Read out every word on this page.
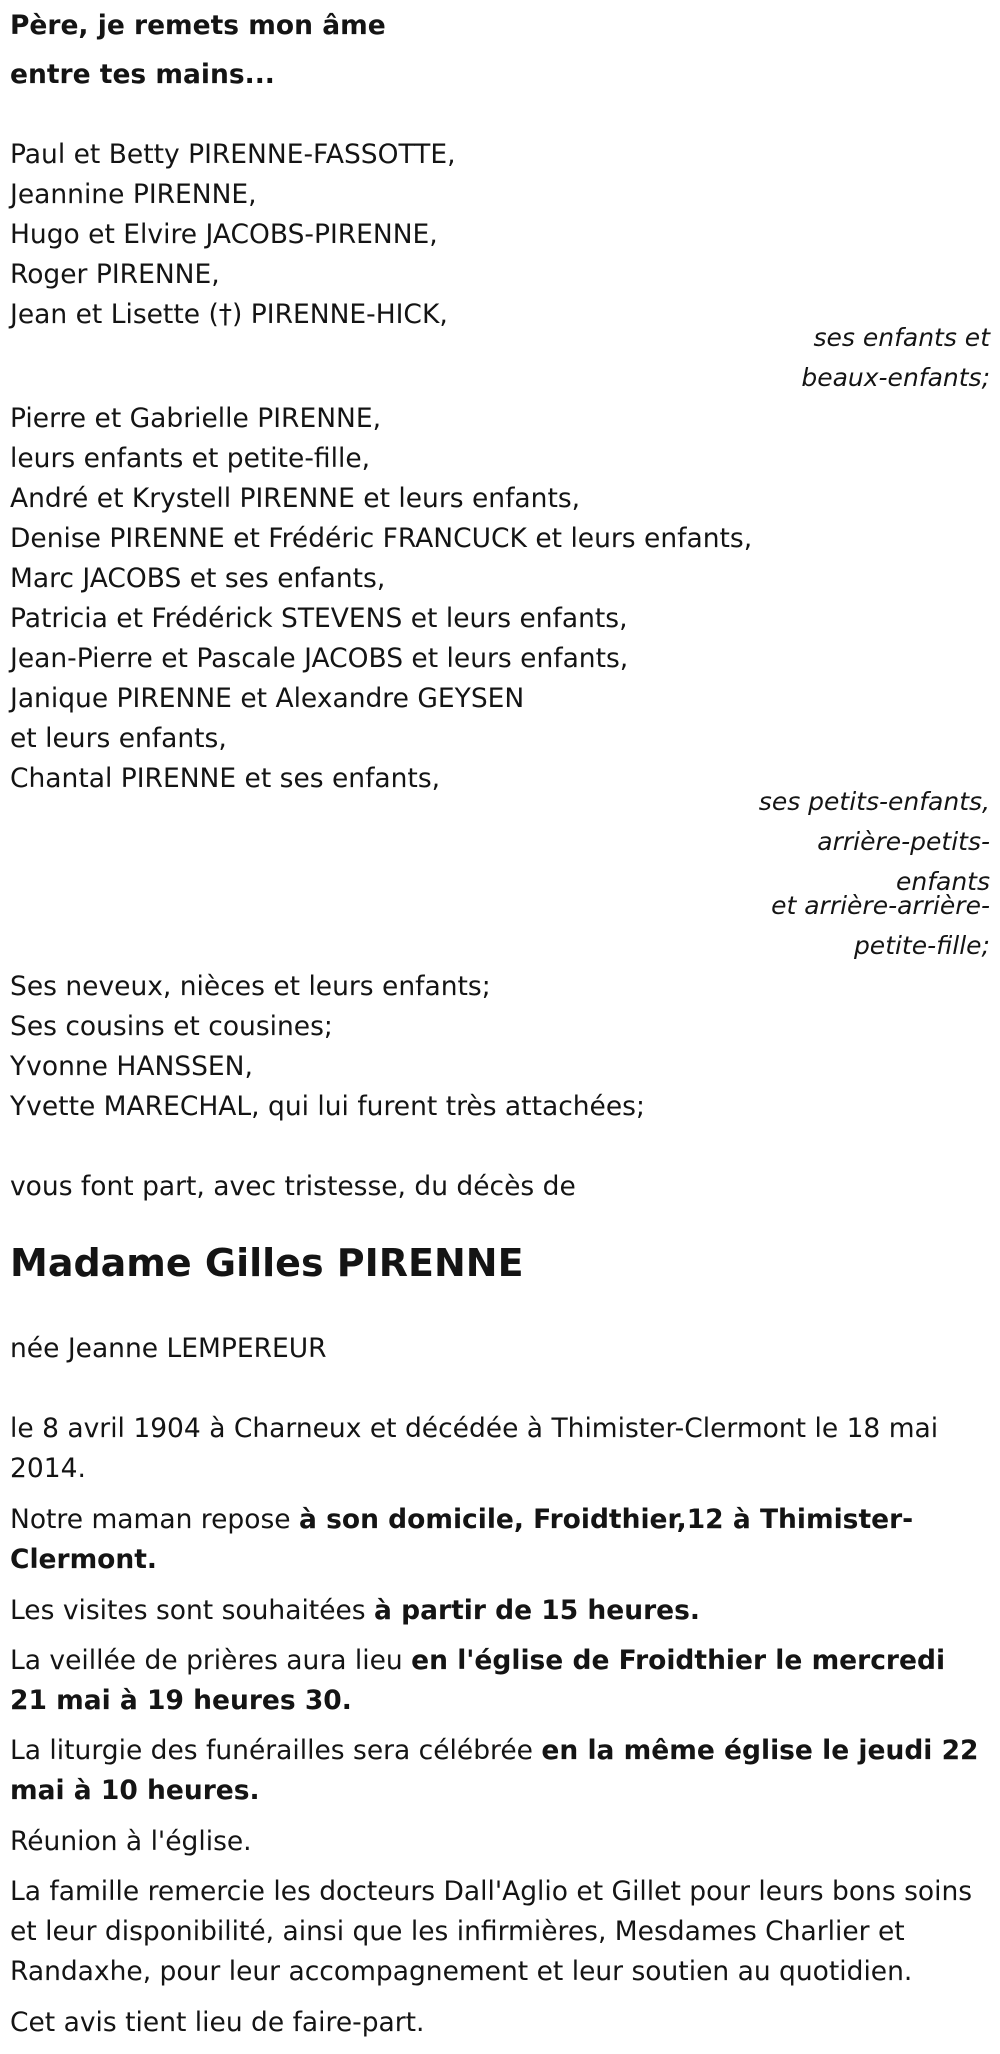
Père, je remets mon âme
entre tes mains...
Paul et Betty PIRENNE-FASSOTTE,
Jeannine PIRENNE,
Hugo et Elvire JACOBS-PIRENNE,
Roger PIRENNE,
Jean et Lisette (†) PIRENNE-HICK,
ses enfants et
beaux-enfants;
Pierre et Gabrielle PIRENNE,
leurs enfants et petite-fille,
André et Krystell PIRENNE et leurs enfants,
Denise PIRENNE et Frédéric FRANCUCK et leurs enfants,
Marc JACOBS et ses enfants,
Patricia et Frédérick STEVENS et leurs enfants,
Jean-Pierre et Pascale JACOBS et leurs enfants,
Janique PIRENNE et Alexandre GEYSEN
et leurs enfants,
Chantal PIRENNE et ses enfants,
ses petits-enfants,
arrière-petits-
enfants
et arrière-arrière-
petite-fille;
Ses neveux, nièces et leurs enfants;
Ses cousins et cousines;
Yvonne HANSSEN,
Yvette MARECHAL, qui lui furent très attachées;
vous font part, avec tristesse, du décès de
Madame Gilles PIRENNE
née Jeanne LEMPEREUR
le 8 avril 1904 à Charneux et décédée à Thimister-Clermont le 18 mai 2014.
Notre maman repose à son domicile, Froidthier,12 à Thimister-Clermont.
Les visites sont souhaitées à partir de 15 heures.
La veillée de prières aura lieu en l'église de Froidthier le mercredi 21 mai à 19 heures 30.
La liturgie des funérailles sera célébrée en la même église le jeudi 22 mai à 10 heures.
Réunion à l'église.
La famille remercie les docteurs Dall'Aglio et Gillet pour leurs bons soins et leur disponibilité, ainsi que les infirmières, Mesdames Charlier et Randaxhe, pour leur accompagnement et leur soutien au quotidien.
Cet avis tient lieu de faire-part.
